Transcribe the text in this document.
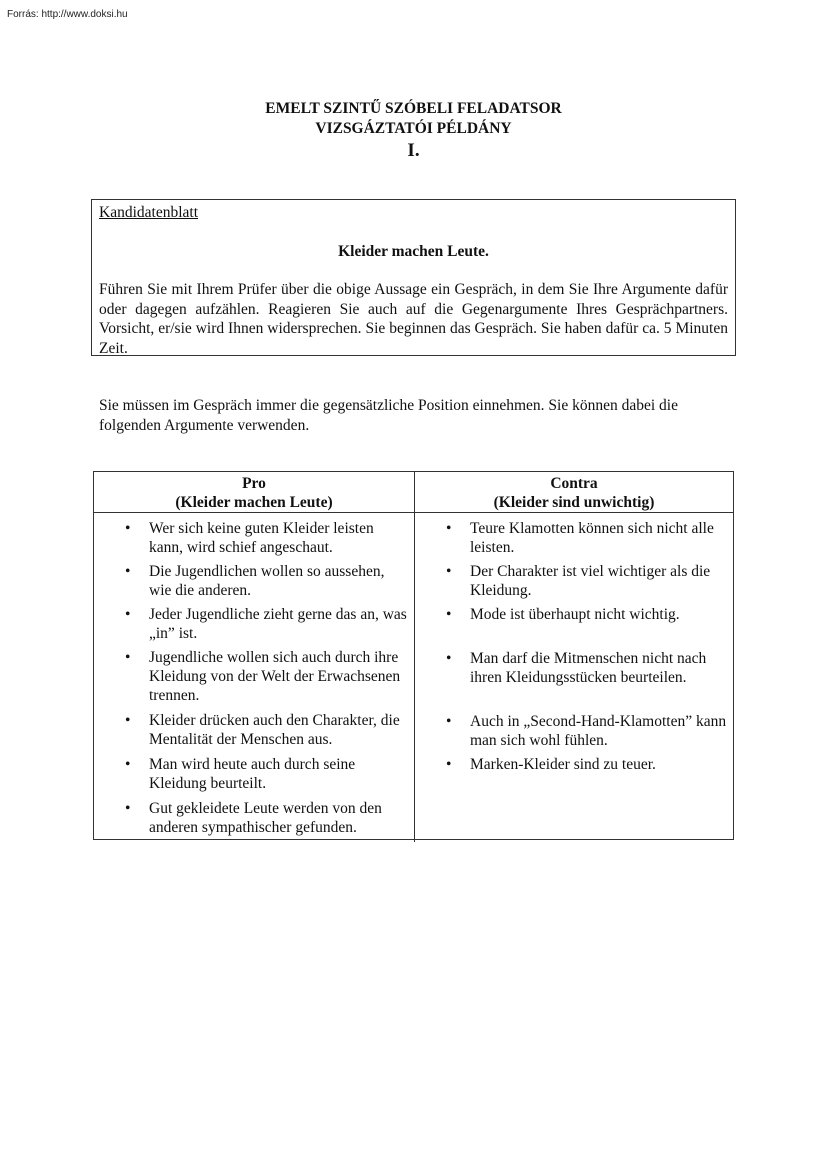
Forrás: http://www.doksi.hu
EMELT SZINTŰ SZÓBELI FELADATSOR
VIZSGÁZTATÓI PÉLDÁNY
I.
Kandidatenblatt
Kleider machen Leute.
Führen Sie mit Ihrem Prüfer über die obige Aussage ein Gespräch, in dem Sie Ihre Argumente dafür oder dagegen aufzählen. Reagieren Sie auch auf die Gegenargumente Ihres Gesprächpartners. Vorsicht, er/sie wird Ihnen widersprechen. Sie beginnen das Gespräch. Sie haben dafür ca. 5 Minuten Zeit.
Sie müssen im Gespräch immer die gegensätzliche Position einnehmen. Sie können dabei die folgenden Argumente verwenden.
Pro
(Kleider machen Leute)
Contra
(Kleider sind unwichtig)
• Wer sich keine guten Kleider leisten kann, wird schief angeschaut.
• Die Jugendlichen wollen so aussehen, wie die anderen.
• Jeder Jugendliche zieht gerne das an, was „in” ist.
• Jugendliche wollen sich auch durch ihre Kleidung von der Welt der Erwachsenen trennen.
• Kleider drücken auch den Charakter, die Mentalität der Menschen aus.
• Man wird heute auch durch seine Kleidung beurteilt.
• Gut gekleidete Leute werden von den anderen sympathischer gefunden.
• Teure Klamotten können sich nicht alle leisten.
• Der Charakter ist viel wichtiger als die Kleidung.
• Mode ist überhaupt nicht wichtig.
• Man darf die Mitmenschen nicht nach ihren Kleidungsstücken beurteilen.
• Auch in „Second-Hand-Klamotten” kann man sich wohl fühlen.
• Marken-Kleider sind zu teuer.
